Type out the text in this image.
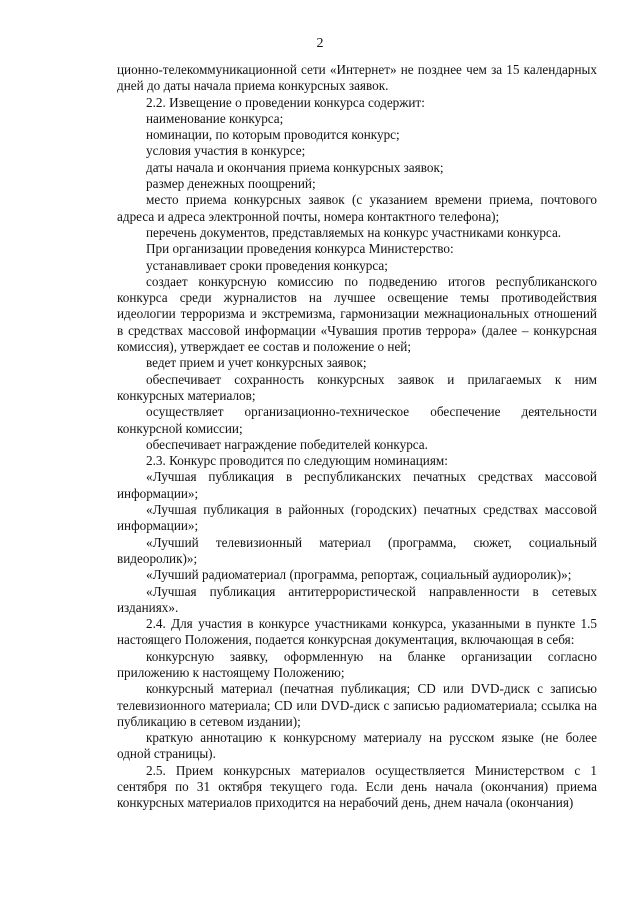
2

ционно-телекоммуникационной сети «Интернет» не позднее чем за 15 календарных дней до даты начала приема конкурсных заявок.

2.2. Извещение о проведении конкурса содержит:

наименование конкурса;

номинации, по которым проводится конкурс;

условия участия в конкурсе;

даты начала и окончания приема конкурсных заявок;

размер денежных поощрений;

место приема конкурсных заявок (с указанием времени приема, почтового адреса и адреса электронной почты, номера контактного телефона);

перечень документов, представляемых на конкурс участниками конкурса.

При организации проведения конкурса Министерство:

устанавливает сроки проведения конкурса;

создает конкурсную комиссию по подведению итогов республиканского конкурса среди журналистов на лучшее освещение темы противодействия идеологии терроризма и экстремизма, гармонизации межнациональных отношений в средствах массовой информации «Чувашия против террора» (далее – конкурсная комиссия), утверждает ее состав и положение о ней;

ведет прием и учет конкурсных заявок;

обеспечивает сохранность конкурсных заявок и прилагаемых к ним конкурсных материалов;

осуществляет организационно-техническое обеспечение деятельности конкурсной комиссии;

обеспечивает награждение победителей конкурса.

2.3. Конкурс проводится по следующим номинациям:

«Лучшая публикация в республиканских печатных средствах массовой информации»;

«Лучшая публикация в районных (городских) печатных средствах массовой информации»;

«Лучший телевизионный материал (программа, сюжет, социальный видеоролик)»;

«Лучший радиоматериал (программа, репортаж, социальный аудиоролик)»;

«Лучшая публикация антитеррористической направленности в сетевых изданиях».

2.4. Для участия в конкурсе участниками конкурса, указанными в пункте 1.5 настоящего Положения, подается конкурсная документация, включающая в себя:

конкурсную заявку, оформленную на бланке организации согласно приложению к настоящему Положению;

конкурсный материал (печатная публикация; CD или DVD-диск с записью телевизионного материала; CD или DVD-диск с записью радиоматериала; ссылка на публикацию в сетевом издании);

краткую аннотацию к конкурсному материалу на русском языке (не более одной страницы).

2.5. Прием конкурсных материалов осуществляется Министерством с 1 сентября по 31 октября текущего года. Если день начала (окончания) приема конкурсных материалов приходится на нерабочий день, днем начала (окончания)
